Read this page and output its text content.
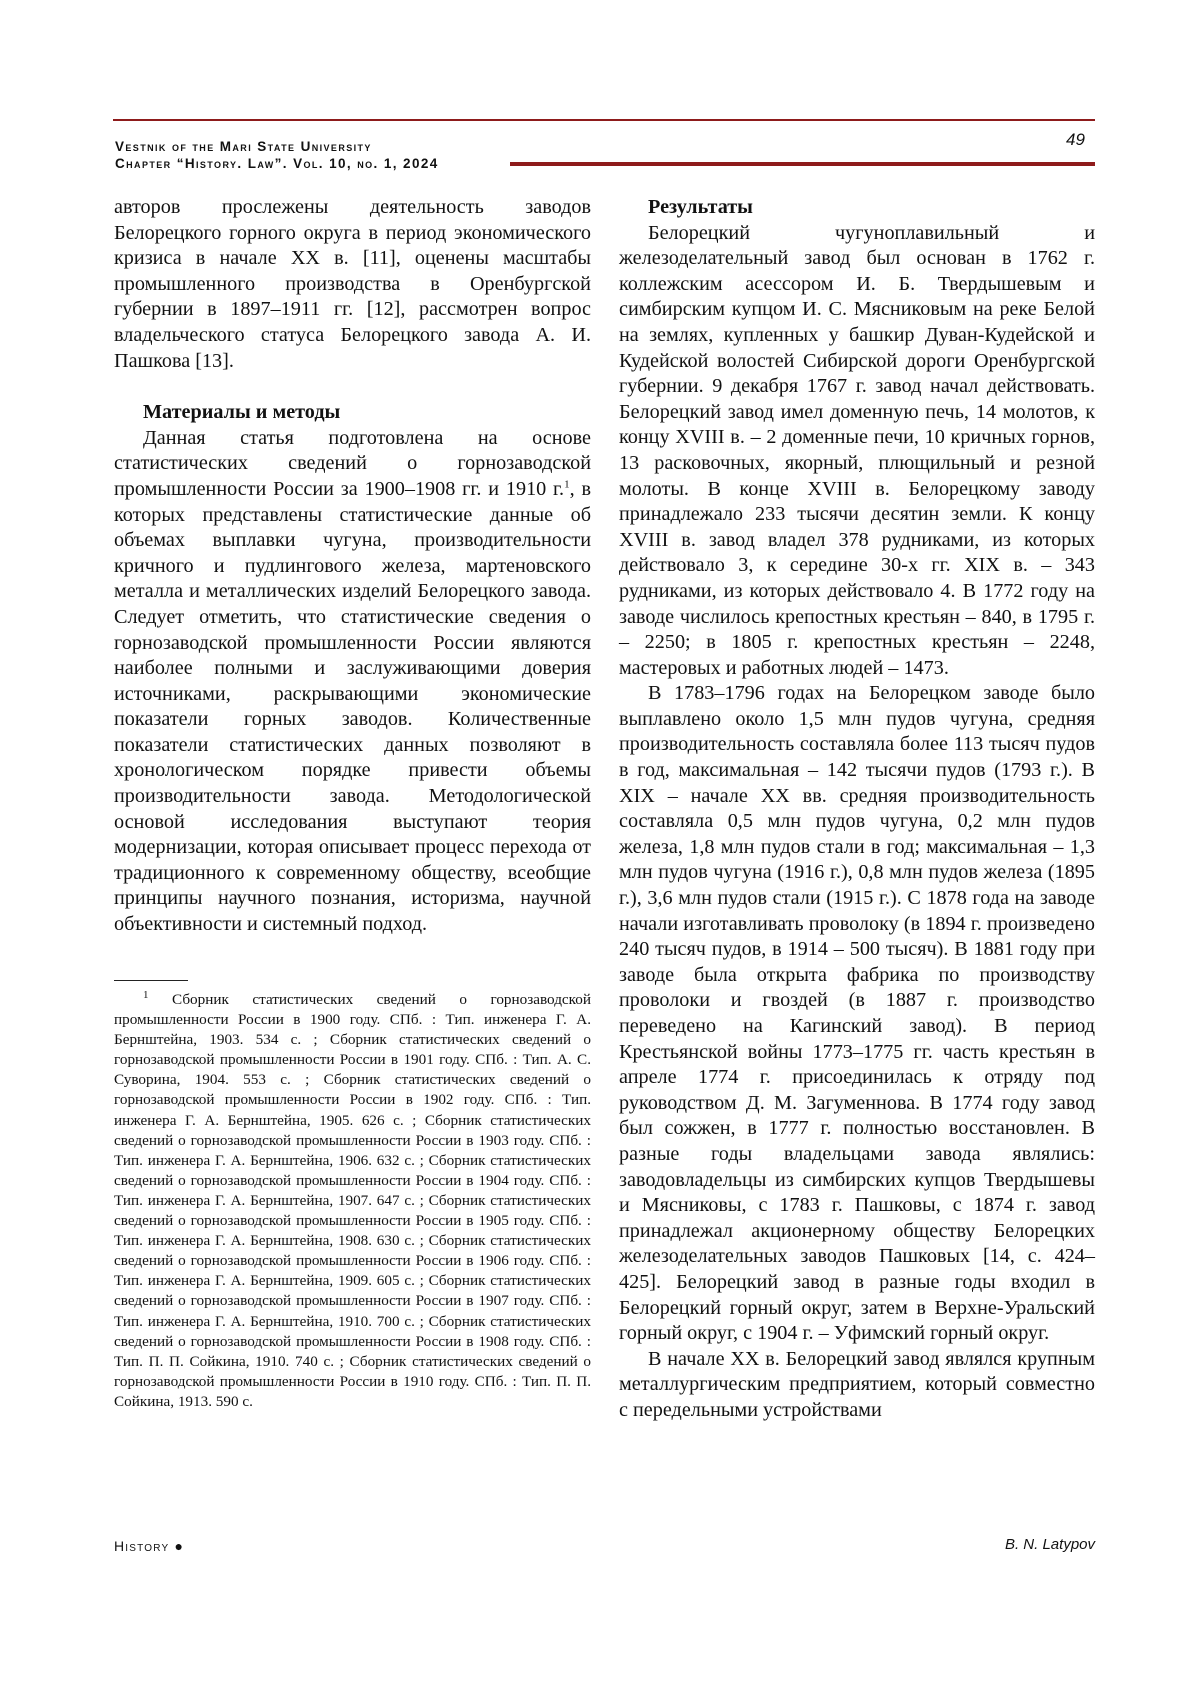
Vestnik of the Mari State University
Chapter “History. Law”. Vol. 10, no. 1, 2024
49

авторов прослежены деятельность заводов Белорецкого горного округа в период экономического кризиса в начале XX в. [11], оценены масштабы промышленного производства в Оренбургской губернии в 1897–1911 гг. [12], рассмотрен вопрос владельческого статуса Белорецкого завода А. И. Пашкова [13].

Материалы и методы

Данная статья подготовлена на основе статистических сведений о горнозаводской промышленности России за 1900–1908 гг. и 1910 г.$^1$, в которых представлены статистические данные об объемах выплавки чугуна, производительности кричного и пудлингового железа, мартеновского металла и металлических изделий Белорецкого завода. Следует отметить, что статистические сведения о горнозаводской промышленности России являются наиболее полными и заслуживающими доверия источниками, раскрывающими экономические показатели горных заводов. Количественные показатели статистических данных позволяют в хронологическом порядке привести объемы производительности завода. Методологической основой исследования выступают теория модернизации, которая описывает процесс перехода от традиционного к современному обществу, всеобщие принципы научного познания, историзма, научной объективности и системный подход.

$^1$ Сборник статистических сведений о горнозаводской промышленности России в 1900 году. СПб. : Тип. инженера Г. А. Бернштейна, 1903. 534 с. ; Сборник статистических сведений о горнозаводской промышленности России в 1901 году. СПб. : Тип. А. С. Суворина, 1904. 553 с. ; Сборник статистических сведений о горнозаводской промышленности России в 1902 году. СПб. : Тип. инженера Г. А. Бернштейна, 1905. 626 с. ; Сборник статистических сведений о горнозаводской промышленности России в 1903 году. СПб. : Тип. инженера Г. А. Бернштейна, 1906. 632 с. ; Сборник статистических сведений о горнозаводской промышленности России в 1904 году. СПб. : Тип. инженера Г. А. Бернштейна, 1907. 647 с. ; Сборник статистических сведений о горнозаводской промышленности России в 1905 году. СПб. : Тип. инженера Г. А. Бернштейна, 1908. 630 с. ; Сборник статистических сведений о горнозаводской промышленности России в 1906 году. СПб. : Тип. инженера Г. А. Бернштейна, 1909. 605 с. ; Сборник статистических сведений о горнозаводской промышленности России в 1907 году. СПб. : Тип. инженера Г. А. Бернштейна, 1910. 700 с. ; Сборник статистических сведений о горнозаводской промышленности России в 1908 году. СПб. : Тип. П. П. Сойкина, 1910. 740 с. ; Сборник статистических сведений о горнозаводской промышленности России в 1910 году. СПб. : Тип. П. П. Сойкина, 1913. 590 с.

Результаты

Белорецкий чугуноплавильный и железоделательный завод был основан в 1762 г. коллежским асессором И. Б. Твердышевым и симбирским купцом И. С. Мясниковым на реке Белой на землях, купленных у башкир Дуван-Кудейской и Кудейской волостей Сибирской дороги Оренбургской губернии. 9 декабря 1767 г. завод начал действовать. Белорецкий завод имел доменную печь, 14 молотов, к концу XVIII в. – 2 доменные печи, 10 кричных горнов, 13 расковочных, якорный, плющильный и резной молоты. В конце XVIII в. Белорецкому заводу принадлежало 233 тысячи десятин земли. К концу XVIII в. завод владел 378 рудниками, из которых действовало 3, к середине 30-х гг. XIX в. – 343 рудниками, из которых действовало 4. В 1772 году на заводе числилось крепостных крестьян – 840, в 1795 г. – 2250; в 1805 г. крепостных крестьян – 2248, мастеровых и работных людей – 1473.

В 1783–1796 годах на Белорецком заводе было выплавлено около 1,5 млн пудов чугуна, средняя производительность составляла более 113 тысяч пудов в год, максимальная – 142 тысячи пудов (1793 г.). В XIX – начале XX вв. средняя производительность составляла 0,5 млн пудов чугуна, 0,2 млн пудов железа, 1,8 млн пудов стали в год; максимальная – 1,3 млн пудов чугуна (1916 г.), 0,8 млн пудов железа (1895 г.), 3,6 млн пудов стали (1915 г.). С 1878 года на заводе начали изготавливать проволоку (в 1894 г. произведено 240 тысяч пудов, в 1914 – 500 тысяч). В 1881 году при заводе была открыта фабрика по производству проволоки и гвоздей (в 1887 г. производство переведено на Кагинский завод). В период Крестьянской войны 1773–1775 гг. часть крестьян в апреле 1774 г. присоединилась к отряду под руководством Д. М. Загуменнова. В 1774 году завод был сожжен, в 1777 г. полностью восстановлен. В разные годы владельцами завода являлись: заводовладельцы из симбирских купцов Твердышевы и Мясниковы, с 1783 г. Пашковы, с 1874 г. завод принадлежал акционерному обществу Белорецких железоделательных заводов Пашковых [14, с. 424–425]. Белорецкий завод в разные годы входил в Белорецкий горный округ, затем в Верхне-Уральский горный округ, с 1904 г. – Уфимский горный округ.

В начале XX в. Белорецкий завод являлся крупным металлургическим предприятием, который совместно с передельными устройствами

History ●	B. N. Latypov
